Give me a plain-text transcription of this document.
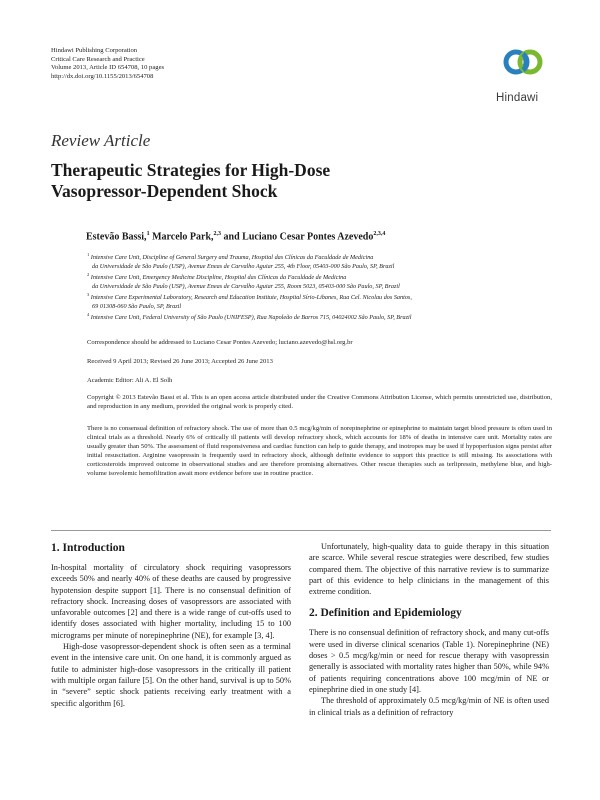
Hindawi Publishing Corporation
Critical Care Research and Practice
Volume 2013, Article ID 654708, 10 pages
http://dx.doi.org/10.1155/2013/654708
Hindawi
Review Article
Therapeutic Strategies for High-Dose
Vasopressor-Dependent Shock
Estevão Bassi,$^1$ Marcelo Park,$^{2,3}$ and Luciano Cesar Pontes Azevedo$^{2,3,4}$

$^1$ Intensive Care Unit, Discipline of General Surgery and Trauma, Hospital das Clínicas da Faculdade de Medicina

da Universidade de São Paulo (USP), Avenue Eneas de Carvalho Aguiar 255, 4th Floor, 05403-000 São Paulo, SP, Brazil

$^2$ Intensive Care Unit, Emergency Medicine Discipline, Hospital das Clínicas da Faculdade de Medicina

da Universidade de São Paulo (USP), Avenue Eneas de Carvalho Aguiar 255, Room 5023, 05403-000 São Paulo, SP, Brazil

$^3$ Intensive Care Experimental Laboratory, Research and Education Institute, Hospital Sírio-Libanes, Rua Cel. Nicolau dos Santos,

69 01308-060 São Paulo, SP, Brazil

$^4$ Intensive Care Unit, Federal University of São Paulo (UNIFESP), Rua Napoleão de Barros 715, 04024002 São Paulo, SP, Brazil

Correspondence should be addressed to Luciano Cesar Pontes Azevedo; luciano.azevedo@hsl.org.br
Received 9 April 2013; Revised 26 June 2013; Accepted 26 June 2013
Academic Editor: Ali A. El Solh
Copyright © 2013 Estevão Bassi et al. This is an open access article distributed under the Creative Commons Attribution License, which permits unrestricted use, distribution, and reproduction in any medium, provided the original work is properly cited.
There is no consensual definition of refractory shock. The use of more than 0.5 mcg/kg/min of norepinephrine or epinephrine to maintain target blood pressure is often used in clinical trials as a threshold. Nearly 6% of critically ill patients will develop refractory shock, which accounts for 18% of deaths in intensive care unit. Mortality rates are usually greater than 50%. The assessment of fluid responsiveness and cardiac function can help to guide therapy, and inotropes may be used if hypoperfusion signs persist after initial resuscitation. Arginine vasopressin is frequently used in refractory shock, although definite evidence to support this practice is still missing. Its associations with corticosteroids improved outcome in observational studies and are therefore promising alternatives. Other rescue therapies such as terlipressin, methylene blue, and high-volume isovolemic hemofiltration await more evidence before use in routine practice.
1. Introduction

In-hospital mortality of circulatory shock requiring vasopressors exceeds 50% and nearly 40% of these deaths are caused by progressive hypotension despite support [1]. There is no consensual definition of refractory shock. Increasing doses of vasopressors are associated with unfavorable outcomes [2] and there is a wide range of cut-offs used to identify doses associated with higher mortality, including 15 to 100 micrograms per minute of norepinephrine (NE), for example [3, 4].

High-dose vasopressor-dependent shock is often seen as a terminal event in the intensive care unit. On one hand, it is commonly argued as futile to administer high-dose vasopressors in the critically ill patient with multiple organ failure [5]. On the other hand, survival is up to 50% in “severe” septic shock patients receiving early treatment with a specific algorithm [6].

Unfortunately, high-quality data to guide therapy in this situation are scarce. While several rescue strategies were described, few studies compared them. The objective of this narrative review is to summarize part of this evidence to help clinicians in the management of this extreme condition.

2. Definition and Epidemiology

There is no consensual definition of refractory shock, and many cut-offs were used in diverse clinical scenarios (Table 1). Norepinephrine (NE) doses > 0.5 mcg/kg/min or need for rescue therapy with vasopressin generally is associated with mortality rates higher than 50%, while 94% of patients requiring concentrations above 100 mcg/min of NE or epinephrine died in one study [4].

The threshold of approximately 0.5 mcg/kg/min of NE is often used in clinical trials as a definition of refractory
